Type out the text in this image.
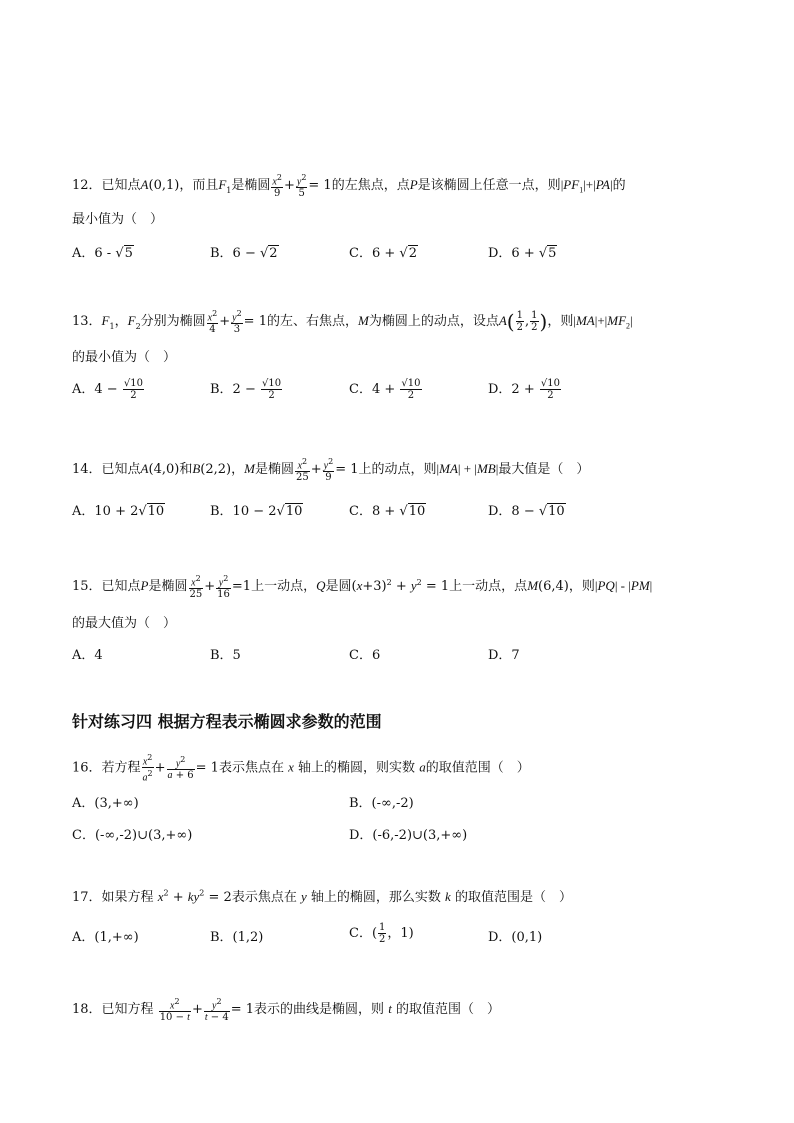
12．已知点A(0,1)，而且$F_1$是椭圆 $\frac{x^2}{9} + \frac{y^2}{5} = 1$的左焦点，点P是该椭圆上任意一点，则$|PF_1|+|PA|$的
最小值为（　）
A．6 - √5	B．6 − √2	C．6 + √2	D．6 + √5
13．$F_1$，$F_2$分别为椭圆 $\frac{x^2}{4} + \frac{y^2}{3} = 1$的左、右焦点，M为椭圆上的动点，设点$A( \frac{1}{2}$ , $\frac{1}{2}$ )，则$|MA|+|MF_2|$
的最小值为（　）
A．$4 - \frac{√10}{2}$	B．$2 - \frac{√10}{2}$	C．$4 + \frac{√10}{2}$	D．$2 + \frac{√10}{2}$
14．已知点A(4,0)和B(2,2)，M是椭圆 $\frac{x^2}{25} + \frac{y^2}{9} = 1$上的动点，则|MA| + |MB|最大值是（　）
A．10 + 2√10	B．10 − 2√10	C．8 + √10	D．8 − √10
15．已知点P是椭圆 $\frac{x^2}{25} + \frac{y^2}{16} =1$上一动点，Q是圆$(x+3)^2 + y^2 = 1$上一动点，点M(6,4)，则|PQ| - |PM|
的最大值为（　）
A．4	B．5	C．6	D．7
针对练习四 根据方程表示椭圆求参数的范围
16．若方程 $\frac{x^2}{a^2} + \frac{y^2}{a + 6} = 1$表示焦点在 x 轴上的椭圆，则实数 a的取值范围（　）
A．(3,+∞)	B．(-∞,-2)
C．(-∞,-2)∪(3,+∞)	D．(-6,-2)∪(3,+∞)
17．如果方程 $x^2 + ky^2 = 2$表示焦点在 y 轴上的椭圆，那么实数 k 的取值范围是（　）
A．(1,+∞)	B．(1,2)	C．( $\frac{1}{2}$ ，1)	D．(0,1)
18．已知方程 $\frac{x^2}{10 - t} + \frac{y^2}{t - 4} = 1$表示的曲线是椭圆，则 t 的取值范围（　）
